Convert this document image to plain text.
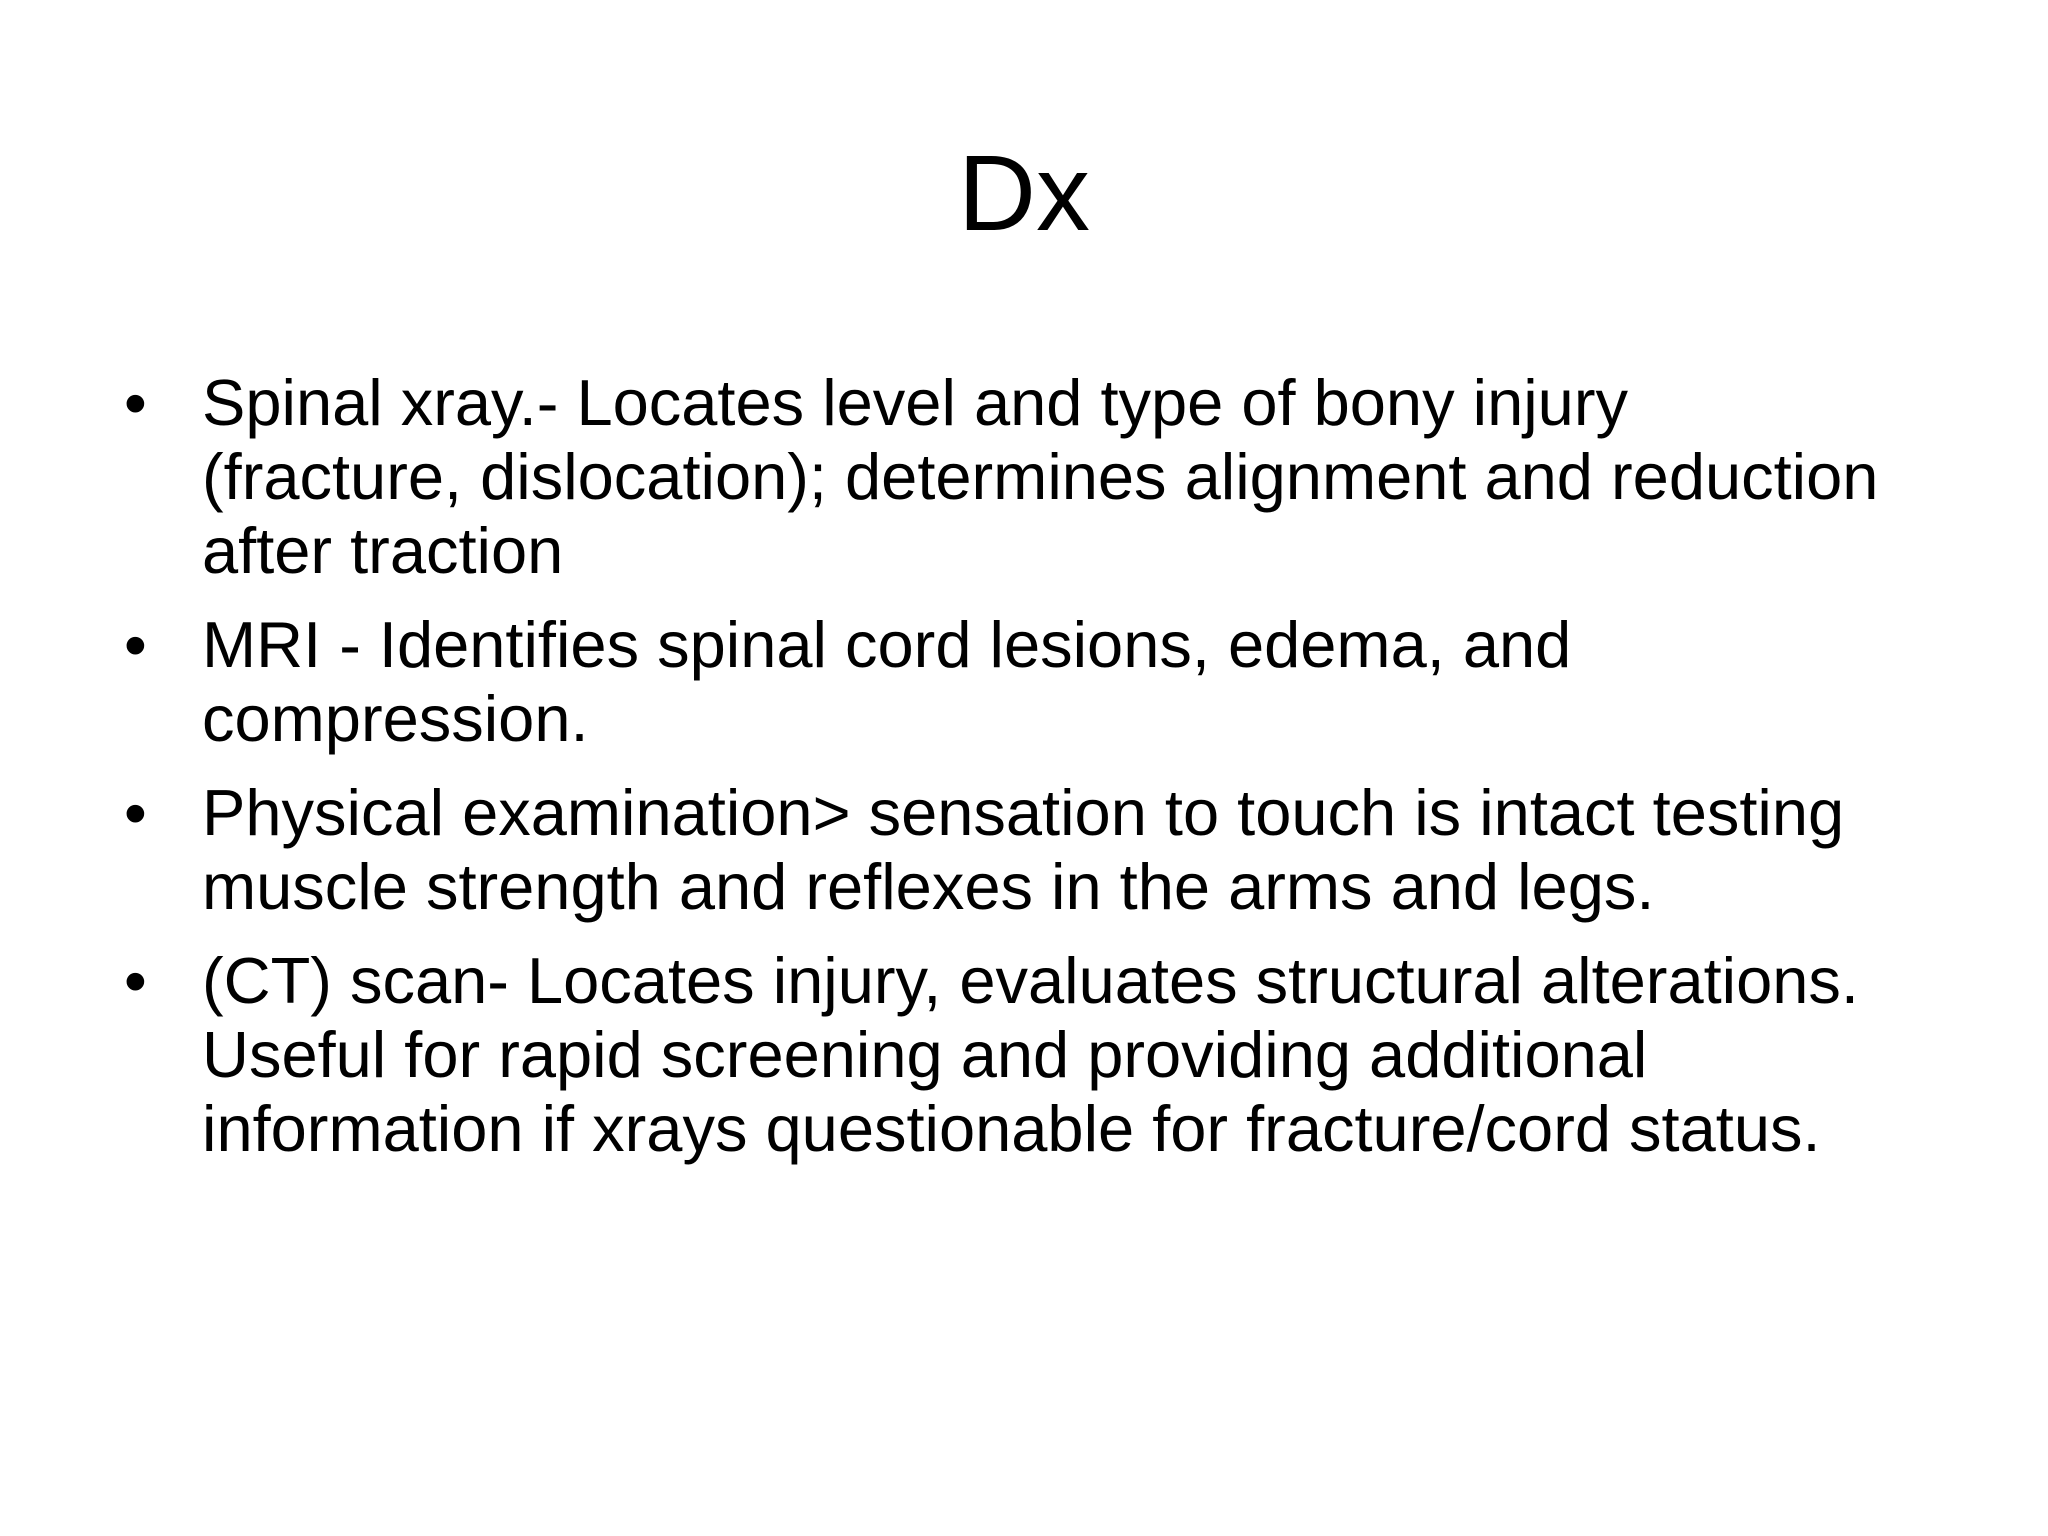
Dx
• Spinal xray.- Locates level and type of bony injury (fracture, dislocation); determines alignment and reduction after traction
• MRI - Identifies spinal cord lesions, edema, and compression.
• Physical examination> sensation to touch is intact testing muscle strength and reflexes in the arms and legs.
• (CT) scan- Locates injury, evaluates structural alterations. Useful for rapid screening and providing additional information if xrays questionable for fracture/cord status.
